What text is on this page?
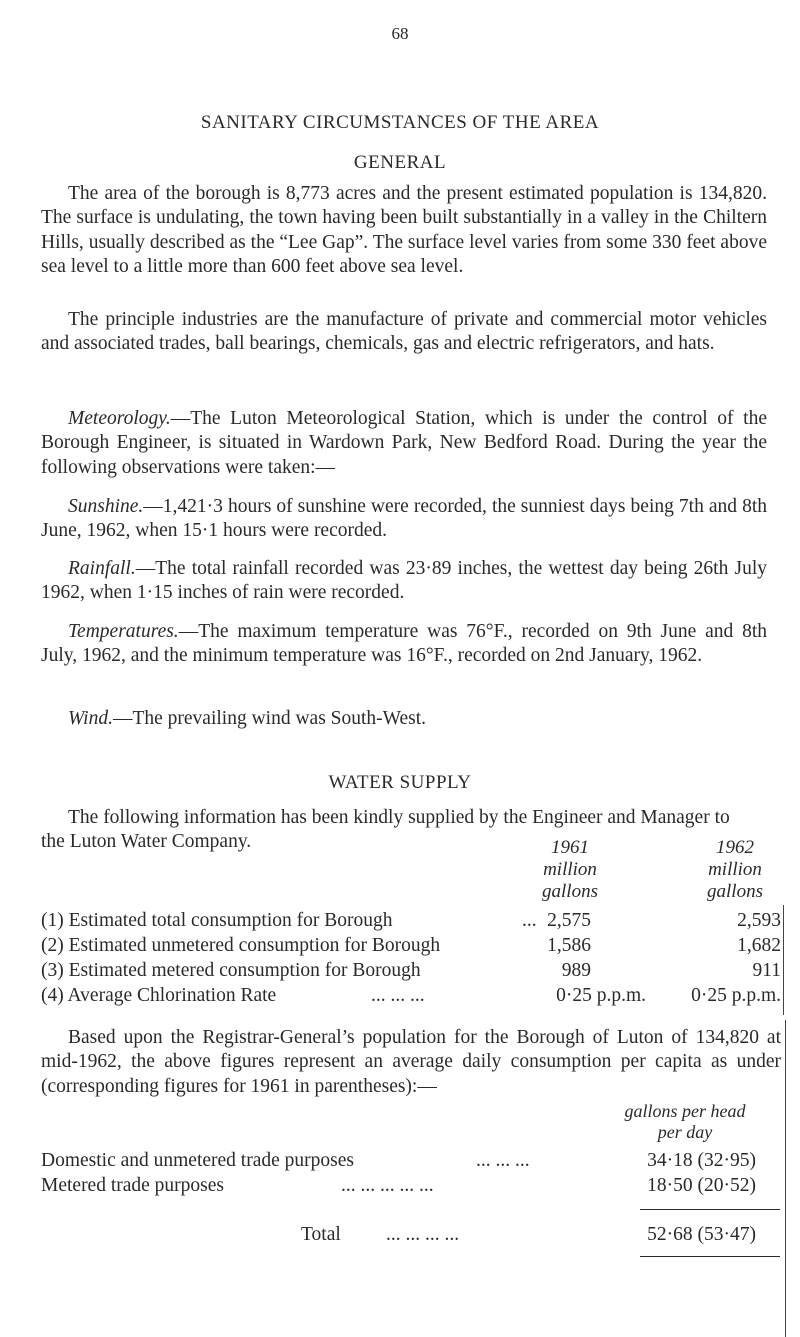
68
SANITARY CIRCUMSTANCES OF THE AREA
GENERAL

The area of the borough is 8,773 acres and the present estimated population is 134,820. The surface is undulating, the town having been built substantially in a valley in the Chiltern Hills, usually described as the “Lee Gap”. The surface level varies from some 330 feet above sea level to a little more than 600 feet above sea level.

The principle industries are the manufacture of private and commercial motor vehicles and associated trades, ball bearings, chemicals, gas and electric refrigerators, and hats.

Meteorology.—The Luton Meteorological Station, which is under the control of the Borough Engineer, is situated in Wardown Park, New Bedford Road. During the year the following observations were taken:—

Sunshine.—1,421·3 hours of sunshine were recorded, the sunniest days being 7th and 8th June, 1962, when 15·1 hours were recorded.

Rainfall.—The total rainfall recorded was 23·89 inches, the wettest day being 26th July 1962, when 1·15 inches of rain were recorded.

Temperatures.—The maximum temperature was 76°F., recorded on 9th June and 8th July, 1962, and the minimum temperature was 16°F., recorded on 2nd January, 1962.

Wind.—The prevailing wind was South-West.

WATER SUPPLY

The following information has been kindly supplied by the Engineer and Manager to the Luton Water Company.	1961
million
gallons
1962
million
gallons
(1) Estimated total consumption for Borough	... 2,575	2,593
(2) Estimated unmetered consumption for Borough	1,586	1,682
(3) Estimated metered consumption for Borough	989	911
(4) Average Chlorination Rate	... ... ...	0·25 p.p.m. 0·25 p.p.m.

Based upon the Registrar-General’s population for the Borough of Luton of 134,820 at mid-1962, the above figures represent an average daily consumption per capita as under (corresponding figures for 1961 in parentheses):—

gallons per head
per day
Domestic and unmetered trade purposes	... ... ...	34·18 (32·95)
Metered trade purposes	... ... ... ... ...	18·50 (20·52)
Total ... ... ... ...	52·68 (53·47)
